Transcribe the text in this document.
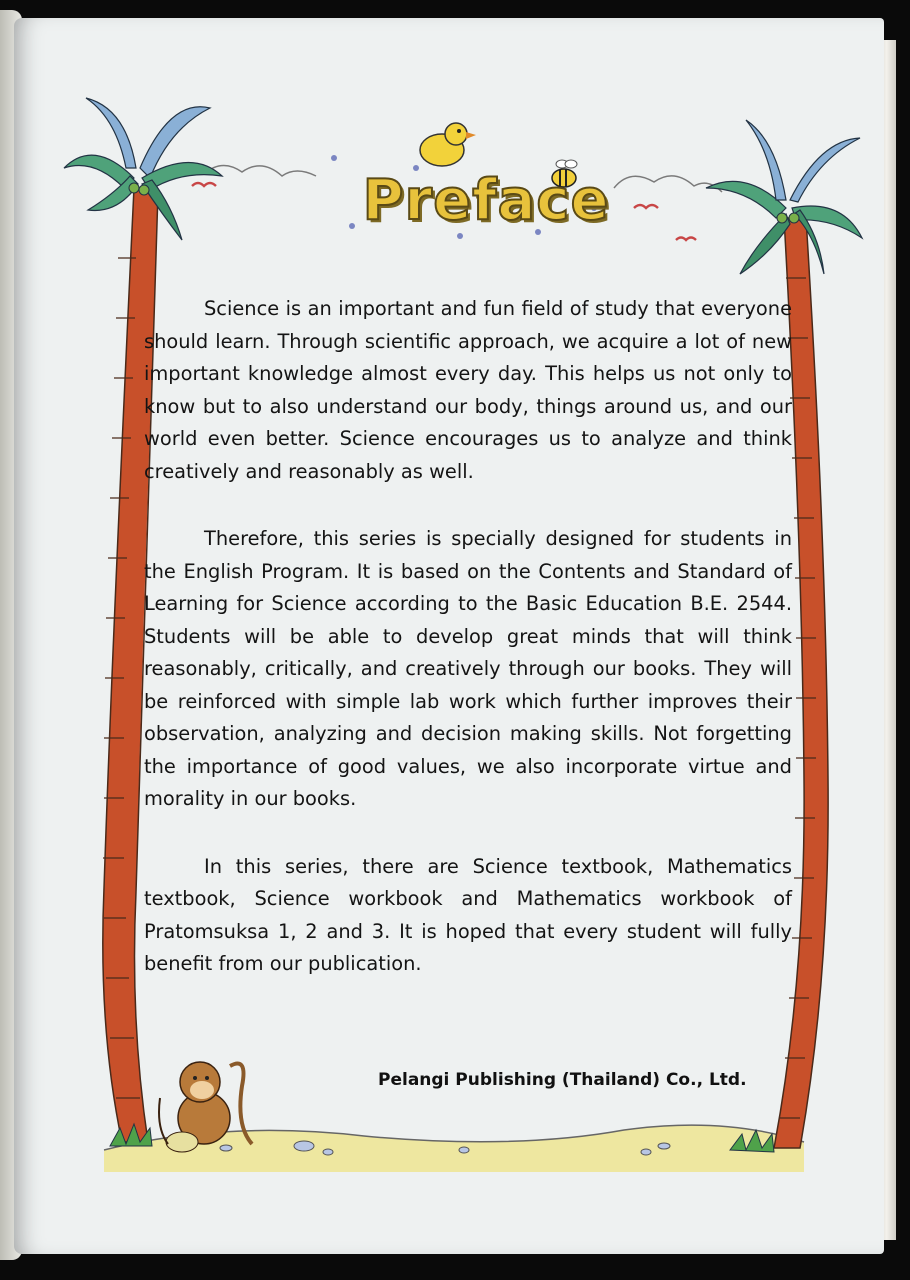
Preface

Science is an important and fun field of study that everyone should learn. Through scientific approach, we acquire a lot of new important knowledge almost every day. This helps us not only to know but to also understand our body, things around us, and our world even better. Science encourages us to analyze and think creatively and reasonably as well.

Therefore, this series is specially designed for students in the English Program. It is based on the Contents and Standard of Learning for Science according to the Basic Education B.E. 2544. Students will be able to develop great minds that will think reasonably, critically, and creatively through our books. They will be reinforced with simple lab work which further improves their observation, analyzing and decision making skills. Not forgetting the importance of good values, we also incorporate virtue and morality in our books.

In this series, there are Science textbook, Mathematics textbook, Science workbook and Mathematics workbook of Pratomsuksa 1, 2 and 3. It is hoped that every student will fully benefit from our publication.

Pelangi Publishing (Thailand) Co., Ltd.
